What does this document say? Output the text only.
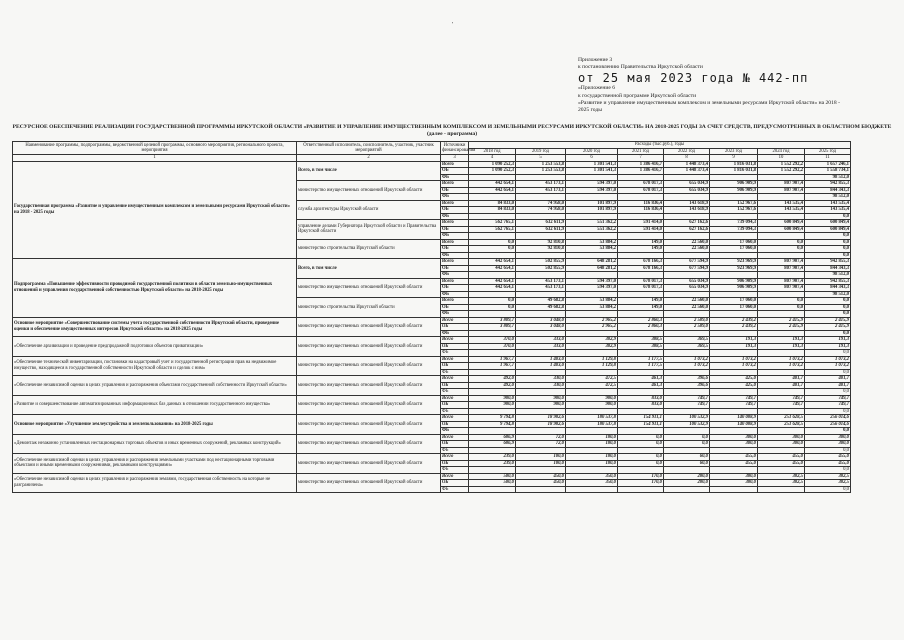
'
Приложение 3
к постановлению Правительства Иркутской области
от 25 мая 2023 года № 442-пп
«Приложение 6
к государственной программе Иркутской области
«Развитие и управление имущественным комплексом и земельными ресурсами Иркутской области» на 2018 -
2025 годы
РЕСУРСНОЕ ОБЕСПЕЧЕНИЕ РЕАЛИЗАЦИИ ГОСУДАРСТВЕННОЙ ПРОГРАММЫ ИРКУТСКОЙ ОБЛАСТИ «РАЗВИТИЕ И УПРАВЛЕНИЕ ИМУЩЕСТВЕННЫМ КОМПЛЕКСОМ И ЗЕМЕЛЬНЫМИ РЕСУРСАМИ ИРКУТСКОЙ ОБЛАСТИ» НА 2018-2025 ГОДЫ ЗА СЧЕТ СРЕДСТВ, ПРЕДУСМОТРЕННЫХ В ОБЛАСТНОМ БЮДЖЕТЕ (далее - программа)
Наименование программы, подпрограммы, ведомственной целевой программы, основного мероприятия, регионального проекта, мероприятия	Ответственный исполнитель, соисполнитель, участник, участник мероприятий	Источники финансирования	Расходы (тыс.руб.), годы							
			2018 год	2019 год	2020 год	2021 год	2022 год	2023 год	2024 год	2025 год
1	2	3	4	5	6	7	8	9	10	11
Государственная программа «Развитие и управление имущественным комплексом и земельными ресурсами Иркутской области» на 2018 - 2025 годы	Всего, в том числе	Всего	1 090 252,3	1 253 553,8	1 301 541,3	1 386 416,7	1 448 373,4	1 816 031,8	1 552 292,2	1 657 246,1
		ОБ	1 090 252,3	1 253 553,8	1 301 541,3	1 386 416,7	1 448 373,4	1 816 031,8	1 552 292,2	1 558 734,1
		ФБ								98 512,0
	министерство имущественных отношений Иркутской области	Всего	442 654,1	453 173,1	594 397,0	678 017,3	655 034,9	906 909,9	807 907,4	942 855,3
		ОБ	442 654,1	453 173,1	594 397,0	678 017,3	655 034,9	906 909,9	807 907,4	844 343,3
		ФБ								98 512,0
	служба архитектуры Иркутской области	Всего	84 833,0	74 958,0	101 897,9	116 836,4	143 618,9	152 967,6	143 535,4	143 535,4
		ОБ	84 833,0	74 958,0	101 897,9	116 836,4	143 618,9	152 967,6	143 535,4	143 535,4
		ФБ								0,0
	управление делами Губернатора Иркутской области и Правительства Иркутской области	Всего	562 765,1	632 611,9	551 362,2	591 414,0	627 162,6	739 094,3	600 849,4	600 849,4
		ОБ	562 765,1	632 611,9	551 362,2	591 414,0	627 162,6	739 094,3	600 849,4	600 849,4
		ФБ								0,0
	министерство строительства Иркутской области	Всего	0,0	92 810,8	53 884,2	149,0	22 560,0	17 060,0	0,0	0,0
		ОБ	0,0	92 810,8	53 884,2	149,0	22 560,0	17 060,0	0,0	0,0
		ФБ								0,0
Подпрограмма «Повышение эффективности проводимой государственной политики в области земельно-имущественных отношений и управления государственной собственностью Иркутской области» на 2018-2025 годы	Всего, в том числе	Всего	442 654,1	502 855,9	648 281,2	678 166,3	677 594,9	923 969,9	807 907,4	942 855,3
		ОБ	442 654,1	502 855,9	648 281,2	678 166,3	677 594,9	923 969,9	807 907,4	844 343,3
		ФБ								98 512,0
	министерство имущественных отношений Иркутской области	Всего	442 654,1	453 173,1	594 397,0	678 017,3	655 034,9	906 909,9	807 907,4	942 855,3
		ОБ	442 654,1	453 173,1	594 397,0	678 017,3	655 034,9	906 909,9	807 907,4	844 343,3
		ФБ								98 512,0
	министерство строительства Иркутской области	Всего	0,0	49 682,8	53 884,2	149,0	22 560,0	17 060,0	0,0	0,0
		ОБ	0,0	49 682,8	53 884,2	149,0	22 560,0	17 060,0	0,0	0,0
		ФБ								0,0
Основное мероприятие «Совершенствование системы учета государственной собственности Иркутской области, проведение оценки и обеспечение имущественных интересов Иркутской области» на 2018-2025 годы	министерство имущественных отношений Иркутской области	Всего	3 809,7	3 048,0	2 965,2	2 860,3	2 589,0	2 439,2	2 415,9	2 415,9
		ОБ	3 809,7	3 048,0	2 965,2	2 860,3	2 589,0	2 439,2	2 415,9	2 415,9
		ФБ								0,0
«Обеспечение архивизации и проведение предпродажной подготовки объектов приватизации»	министерство имущественных отношений Иркутской области	Всего	370,0	333,0	382,9	388,5	369,5	191,3	191,3	191,3
		ОБ	370,0	333,0	382,9	388,5	369,5	191,3	191,3	191,3
		ФБ								0,0
«Обеспечение технической инвентаризации, постановки на кадастровый учет и государственной регистрации прав на недвижимое имущество, находящееся в государственной собственности Иркутской области и сделок с ним»	министерство имущественных отношений Иркутской области	Всего	1 967,7	1 403,0	1 129,8	1 177,5	1 073,2	1 073,2	1 073,2	1 073,2
		ОБ	1 967,7	1 403,0	1 129,8	1 177,5	1 073,2	1 073,2	1 073,2	1 073,2
		ФБ								0,0
«Обеспечение независимой оценки в целях управления и распоряжения объектами государственной собственности Иркутской области»	министерство имущественных отношений Иркутской области	Всего	492,0	330,0	472,5	461,3	396,6	425,0	401,7	401,7
		ОБ	492,0	330,0	472,5	461,3	396,6	425,0	401,7	401,7
		ФБ								0,0
«Развитие и совершенствование автоматизированных информационных баз данных в отношении государственного имущества»	министерство имущественных отношений Иркутской области	Всего	980,0	980,0	980,0	833,0	749,7	749,7	749,7	749,7
		ОБ	980,0	980,0	980,0	833,0	749,7	749,7	749,7	749,7
		ФБ								0,0
Основное мероприятие «Улучшение землеустройства и землепользования» на 2018-2025 годы	министерство имущественных отношений Иркутской области	Всего	9 794,8	18 982,6	180 537,8	154 911,1	100 532,9	140 088,9	251 628,5	256 014,6
		ОБ	9 794,8	18 982,6	180 537,8	154 911,1	100 532,9	140 088,9	251 628,5	256 014,6
		ФБ								0,0
«Демонтаж незаконно установленных нестационарных торговых объектов и иных временных сооружений, рекламных конструкций»	министерство имущественных отношений Иркутской области	Всего	686,9	72,0	180,0	0,0	0,0	300,0	300,0	300,0
		ОБ	686,9	72,0	180,0	0,0	0,0	300,0	300,0	300,0
		ФБ								0,0
«Обеспечение независимой оценки в целях управления и распоряжения земельными участками под нестационарными торговыми объектами и иными временными сооружениями, рекламными конструкциями»	министерство имущественных отношений Иркутской области	Всего	239,0	100,0	180,0	0,0	60,0	455,0	455,0	455,0
		ОБ	239,0	100,0	180,0	0,0	60,0	455,0	455,0	455,0
		ФБ								0,0
«Обеспечение независимой оценки в целях управления и распоряжения землями, государственная собственность на которые не разграничена»	министерство имущественных отношений Иркутской области	Всего	500,0	450,0	350,0	170,0	280,0	380,0	382,5	382,5
		ОБ	500,0	450,0	350,0	170,0	280,0	380,0	382,5	382,5
		ФБ								0,0
